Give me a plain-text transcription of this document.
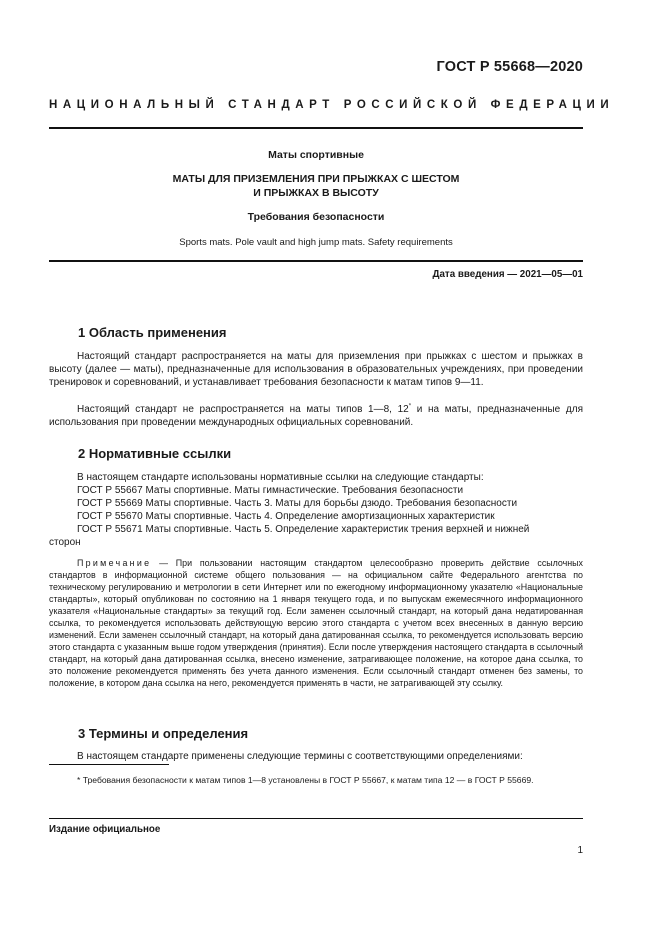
ГОСТ Р 55668—2020
НАЦИОНАЛЬНЫЙ СТАНДАРТ РОССИЙСКОЙ ФЕДЕРАЦИИ
Маты спортивные
МАТЫ ДЛЯ ПРИЗЕМЛЕНИЯ ПРИ ПРЫЖКАХ С ШЕСТОМ
И ПРЫЖКАХ В ВЫСОТУ
Требования безопасности
Sports mats. Pole vault and high jump mats. Safety requirements
Дата введения — 2021—05—01
1 Область применения
Настоящий стандарт распространяется на маты для приземления при прыжках с шестом и прыжках в высоту (далее — маты), предназначенные для использования в образовательных учреждениях, при проведении тренировок и соревнований, и устанавливает требования безопасности к матам типов 9—11.
Настоящий стандарт не распространяется на маты типов 1—8, 12* и на маты, предназначенные для использования при проведении международных официальных соревнований.
2 Нормативные ссылки
В настоящем стандарте использованы нормативные ссылки на следующие стандарты:
ГОСТ Р 55667 Маты спортивные. Маты гимнастические. Требования безопасности
ГОСТ Р 55669 Маты спортивные. Часть 3. Маты для борьбы дзюдо. Требования безопасности
ГОСТ Р 55670 Маты спортивные. Часть 4. Определение амортизационных характеристик
ГОСТ Р 55671 Маты спортивные. Часть 5. Определение характеристик трения верхней и нижней
сторон
Примечание — При пользовании настоящим стандартом целесообразно проверить действие ссылочных стандартов в информационной системе общего пользования — на официальном сайте Федерального агентства по техническому регулированию и метрологии в сети Интернет или по ежегодному информационному указателю «Национальные стандарты», который опубликован по состоянию на 1 января текущего года, и по выпускам ежемесячного информационного указателя «Национальные стандарты» за текущий год. Если заменен ссылочный стандарт, на который дана недатированная ссылка, то рекомендуется использовать действующую версию этого стандарта с учетом всех внесенных в данную версию изменений. Если заменен ссылочный стандарт, на который дана датированная ссылка, то рекомендуется использовать версию этого стандарта с указанным выше годом утверждения (принятия). Если после утверждения настоящего стандарта в ссылочный стандарт, на который дана датированная ссылка, внесено изменение, затрагивающее положение, на которое дана ссылка, то это положение рекомендуется применять без учета данного изменения. Если ссылочный стандарт отменен без замены, то положение, в котором дана ссылка на него, рекомендуется применять в части, не затрагивающей эту ссылку.
3 Термины и определения
В настоящем стандарте применены следующие термины с соответствующими определениями:
* Требования безопасности к матам типов 1—8 установлены в ГОСТ Р 55667, к матам типа 12 — в ГОСТ Р 55669.
Издание официальное
1
